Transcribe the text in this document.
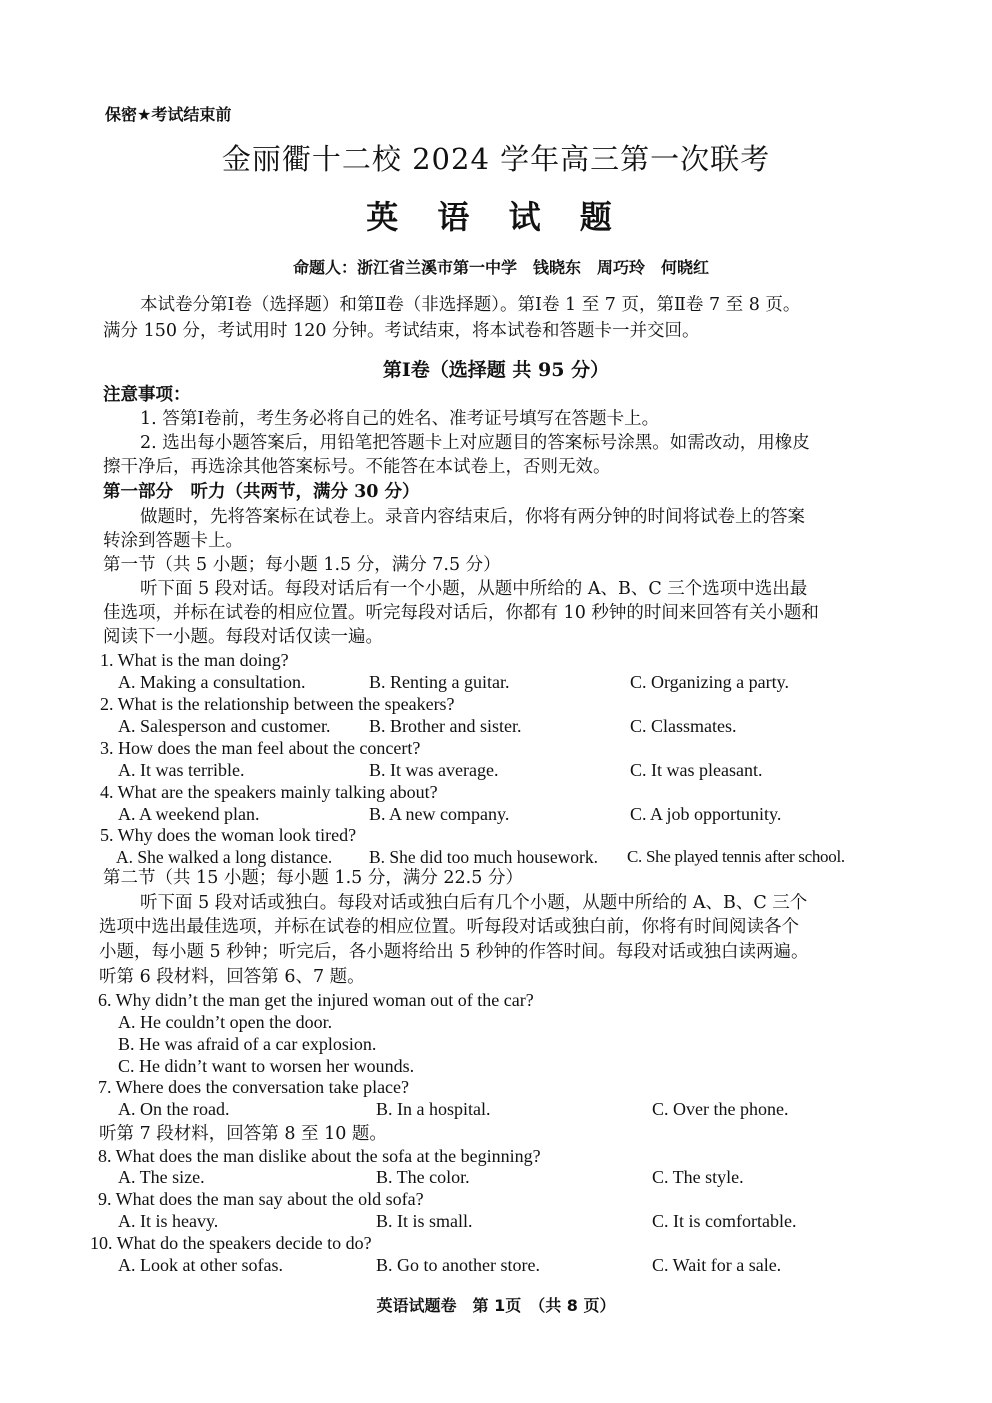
保密★考试结束前
金丽衢十二校 2024 学年高三第一次联考
英 语 试 题
命题人：浙江省兰溪市第一中学　钱晓东　周巧玲　何晓红
本试卷分第Ⅰ卷（选择题）和第Ⅱ卷（非选择题）。第Ⅰ卷 1 至 7 页，第Ⅱ卷 7 至 8 页。
满分 150 分，考试用时 120 分钟。考试结束，将本试卷和答题卡一并交回。
第Ⅰ卷（选择题 共 95 分）
注意事项：
1. 答第Ⅰ卷前，考生务必将自己的姓名、准考证号填写在答题卡上。
2. 选出每小题答案后，用铅笔把答题卡上对应题目的答案标号涂黑。如需改动，用橡皮
擦干净后，再选涂其他答案标号。不能答在本试卷上，否则无效。
第一部分　听力（共两节，满分 30 分）
做题时，先将答案标在试卷上。录音内容结束后，你将有两分钟的时间将试卷上的答案
转涂到答题卡上。
第一节（共 5 小题；每小题 1.5 分，满分 7.5 分）
听下面 5 段对话。每段对话后有一个小题，从题中所给的 A、B、C 三个选项中选出最
佳选项，并标在试卷的相应位置。听完每段对话后，你都有 10 秒钟的时间来回答有关小题和
阅读下一小题。每段对话仅读一遍。
1. What is the man doing?
A. Making a consultation.	B. Renting a guitar.	C. Organizing a party.
2. What is the relationship between the speakers?
A. Salesperson and customer. B. Brother and sister.	C. Classmates.
3. How does the man feel about the concert?
A. It was terrible.	B. It was average.	C. It was pleasant.
4. What are the speakers mainly talking about?
A. A weekend plan.	B. A new company.	C. A job opportunity.
5. Why does the woman look tired?
A. She walked a long distance. B. She did too much housework. C. She played tennis after school.
第二节（共 15 小题；每小题 1.5 分，满分 22.5 分）
听下面 5 段对话或独白。每段对话或独白后有几个小题，从题中所给的 A、B、C 三个
选项中选出最佳选项，并标在试卷的相应位置。听每段对话或独白前，你将有时间阅读各个
小题，每小题 5 秒钟；听完后，各小题将给出 5 秒钟的作答时间。每段对话或独白读两遍。
听第 6 段材料，回答第 6、7 题。
6. Why didn’t the man get the injured woman out of the car?
A. He couldn’t open the door.
B. He was afraid of a car explosion.
C. He didn’t want to worsen her wounds.
7. Where does the conversation take place?
A. On the road.	B. In a hospital.	C. Over the phone.
听第 7 段材料，回答第 8 至 10 题。
8. What does the man dislike about the sofa at the beginning?
A. The size.	B. The color.	C. The style.
9. What does the man say about the old sofa?
A. It is heavy.	B. It is small.	C. It is comfortable.
10. What do the speakers decide to do?
A. Look at other sofas.	B. Go to another store.	C. Wait for a sale.
英语试题卷　第 1页　（共 8 页）
